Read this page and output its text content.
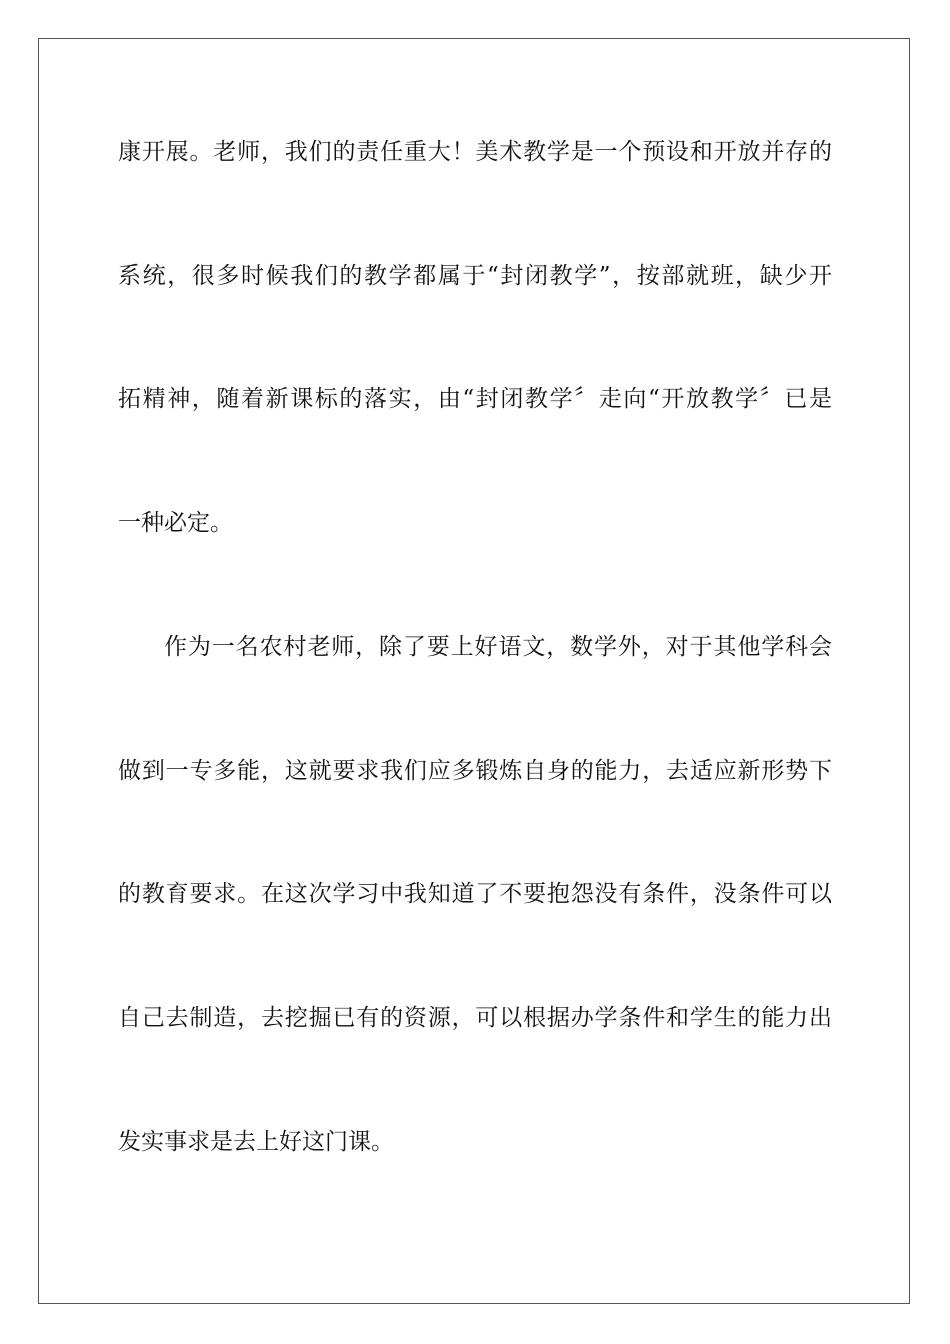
康开展。老师，我们的责任重大！美术教学是一个预设和开放并存的

系统，很多时候我们的教学都属于“封闭教学”，按部就班，缺少开

拓精神，随着新课标的落实，由“封闭教学〞走向“开放教学〞已是

一种必定。

作为一名农村老师，除了要上好语文，数学外，对于其他学科会

做到一专多能，这就要求我们应多锻炼自身的能力，去适应新形势下

的教育要求。在这次学习中我知道了不要抱怨没有条件，没条件可以

自己去制造，去挖掘已有的资源，可以根据办学条件和学生的能力出

发实事求是去上好这门课。
